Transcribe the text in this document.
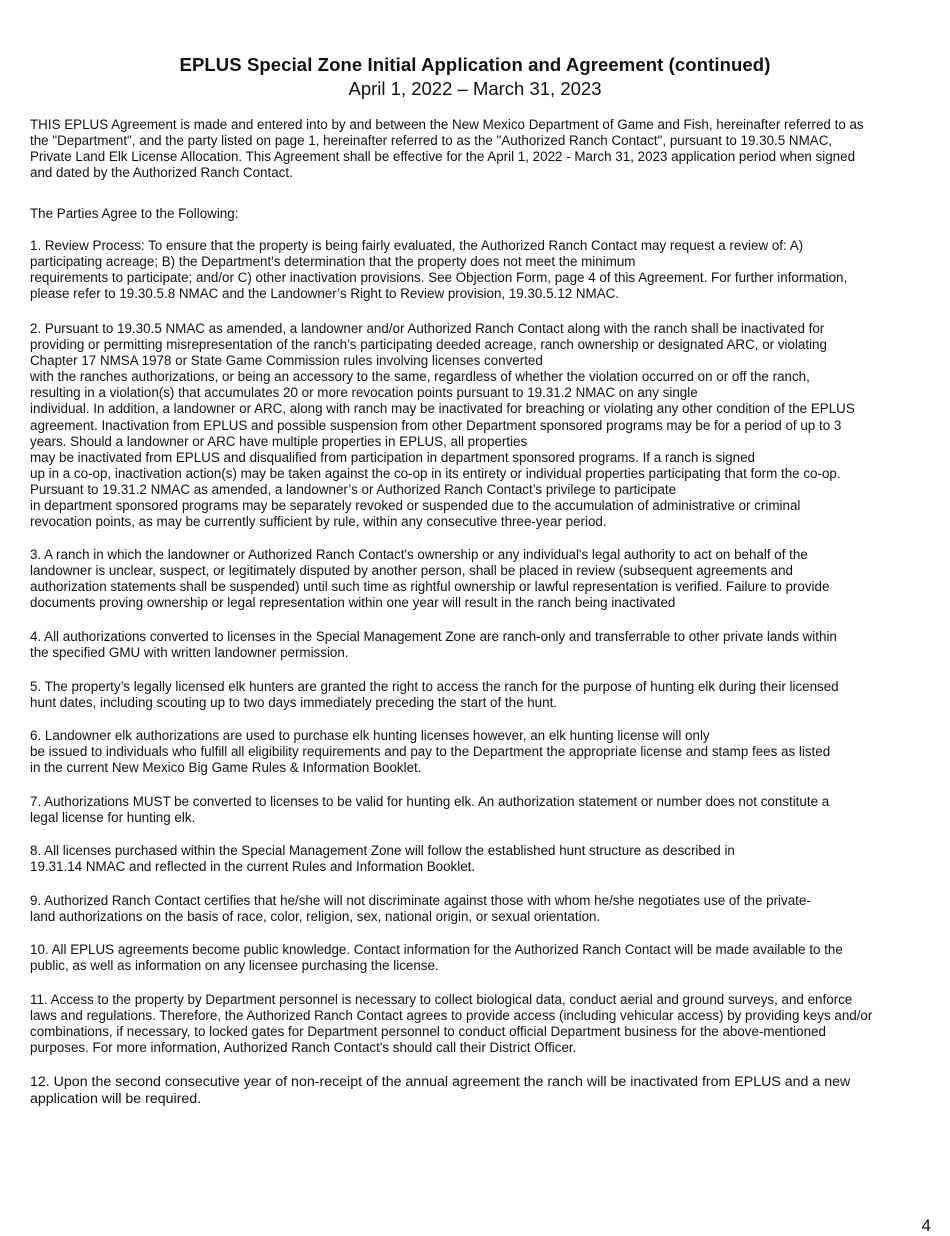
EPLUS Special Zone Initial Application and Agreement (continued)
April 1, 2022 – March 31, 2023
THIS EPLUS Agreement is made and entered into by and between the New Mexico Department of Game and Fish, hereinafter referred to as
the "Department", and the party listed on page 1, hereinafter referred to as the "Authorized Ranch Contact", pursuant to 19.30.5 NMAC,
Private Land Elk License Allocation. This Agreement shall be effective for the April 1, 2022 - March 31, 2023 application period when signed
and dated by the Authorized Ranch Contact.
The Parties Agree to the Following:
1. Review Process: To ensure that the property is being fairly evaluated, the Authorized Ranch Contact may request a review of: A)
participating acreage; B) the Department's determination that the property does not meet the minimum
requirements to participate; and/or C) other inactivation provisions. See Objection Form, page 4 of this Agreement. For further information,
please refer to 19.30.5.8 NMAC and the Landowner’s Right to Review provision, 19.30.5.12 NMAC.
2. Pursuant to 19.30.5 NMAC as amended, a landowner and/or Authorized Ranch Contact along with the ranch shall be inactivated for
providing or permitting misrepresentation of the ranch’s participating deeded acreage, ranch ownership or designated ARC, or violating
Chapter 17 NMSA 1978 or State Game Commission rules involving licenses converted
with the ranches authorizations, or being an accessory to the same, regardless of whether the violation occurred on or off the ranch,
resulting in a violation(s) that accumulates 20 or more revocation points pursuant to 19.31.2 NMAC on any single
individual. In addition, a landowner or ARC, along with ranch may be inactivated for breaching or violating any other condition of the EPLUS
agreement. Inactivation from EPLUS and possible suspension from other Department sponsored programs may be for a period of up to 3
years. Should a landowner or ARC have multiple properties in EPLUS, all properties
may be inactivated from EPLUS and disqualified from participation in department sponsored programs. If a ranch is signed
up in a co-op, inactivation action(s) may be taken against the co-op in its entirety or individual properties participating that form the co-op.
Pursuant to 19.31.2 NMAC as amended, a landowner’s or Authorized Ranch Contact’s privilege to participate
in department sponsored programs may be separately revoked or suspended due to the accumulation of administrative or criminal
revocation points, as may be currently sufficient by rule, within any consecutive three-year period.
3. A ranch in which the landowner or Authorized Ranch Contact's ownership or any individual's legal authority to act on behalf of the
landowner is unclear, suspect, or legitimately disputed by another person, shall be placed in review (subsequent agreements and
authorization statements shall be suspended) until such time as rightful ownership or lawful representation is verified. Failure to provide
documents proving ownership or legal representation within one year will result in the ranch being inactivated
4. All authorizations converted to licenses in the Special Management Zone are ranch-only and transferrable to other private lands within
the specified GMU with written landowner permission.
5. The property’s legally licensed elk hunters are granted the right to access the ranch for the purpose of hunting elk during their licensed
hunt dates, including scouting up to two days immediately preceding the start of the hunt.
6. Landowner elk authorizations are used to purchase elk hunting licenses however, an elk hunting license will only
be issued to individuals who fulfill all eligibility requirements and pay to the Department the appropriate license and stamp fees as listed
in the current New Mexico Big Game Rules & Information Booklet.
7. Authorizations MUST be converted to licenses to be valid for hunting elk. An authorization statement or number does not constitute a
legal license for hunting elk.
8. All licenses purchased within the Special Management Zone will follow the established hunt structure as described in
19.31.14 NMAC and reflected in the current Rules and Information Booklet.
9. Authorized Ranch Contact certifies that he/she will not discriminate against those with whom he/she negotiates use of the private-
land authorizations on the basis of race, color, religion, sex, national origin, or sexual orientation.
10. All EPLUS agreements become public knowledge. Contact information for the Authorized Ranch Contact will be made available to the
public, as well as information on any licensee purchasing the license.
11. Access to the property by Department personnel is necessary to collect biological data, conduct aerial and ground surveys, and enforce
laws and regulations. Therefore, the Authorized Ranch Contact agrees to provide access (including vehicular access) by providing keys and/or
combinations, if necessary, to locked gates for Department personnel to conduct official Department business for the above-mentioned
purposes. For more information, Authorized Ranch Contact's should call their District Officer.
12. Upon the second consecutive year of non-receipt of the annual agreement the ranch will be inactivated from EPLUS and a new
application will be required.
4
